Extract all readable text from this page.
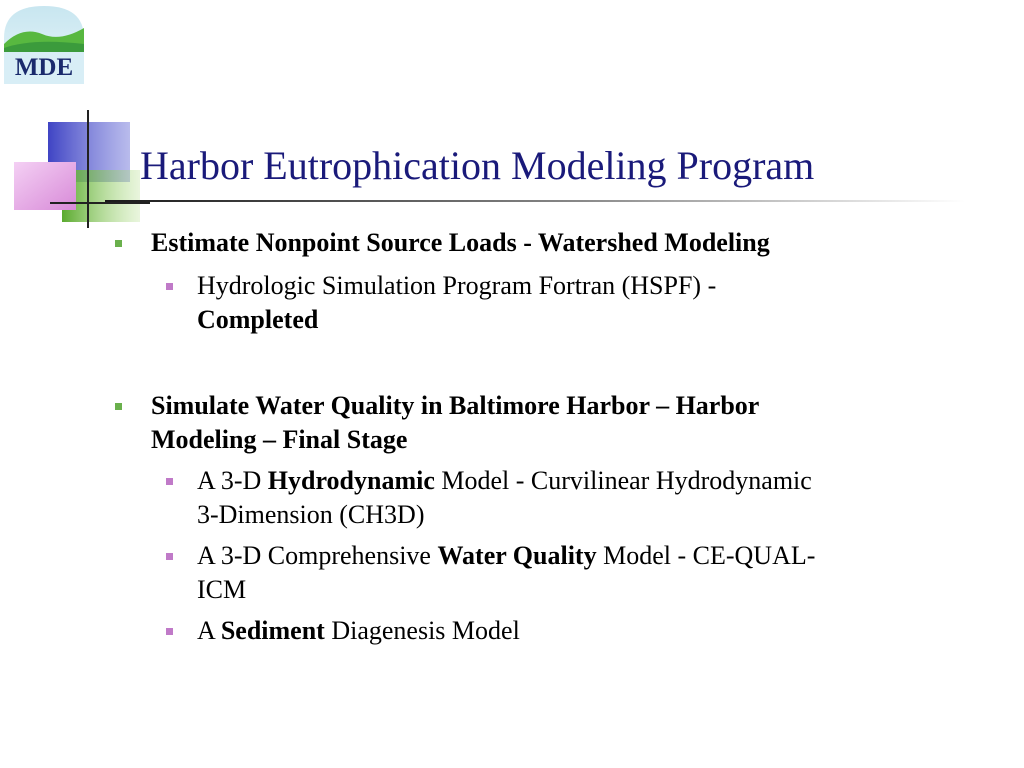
MDE
Harbor Eutrophication Modeling Program

Estimate Nonpoint Source Loads - Watershed Modeling

Hydrologic Simulation Program Fortran (HSPF) -
Completed

Simulate Water Quality in Baltimore Harbor – Harbor
Modeling – Final Stage

A 3-D Hydrodynamic Model - Curvilinear Hydrodynamic
3-Dimension (CH3D)

A 3-D Comprehensive Water Quality Model - CE-QUAL-
ICM

A Sediment Diagenesis Model
